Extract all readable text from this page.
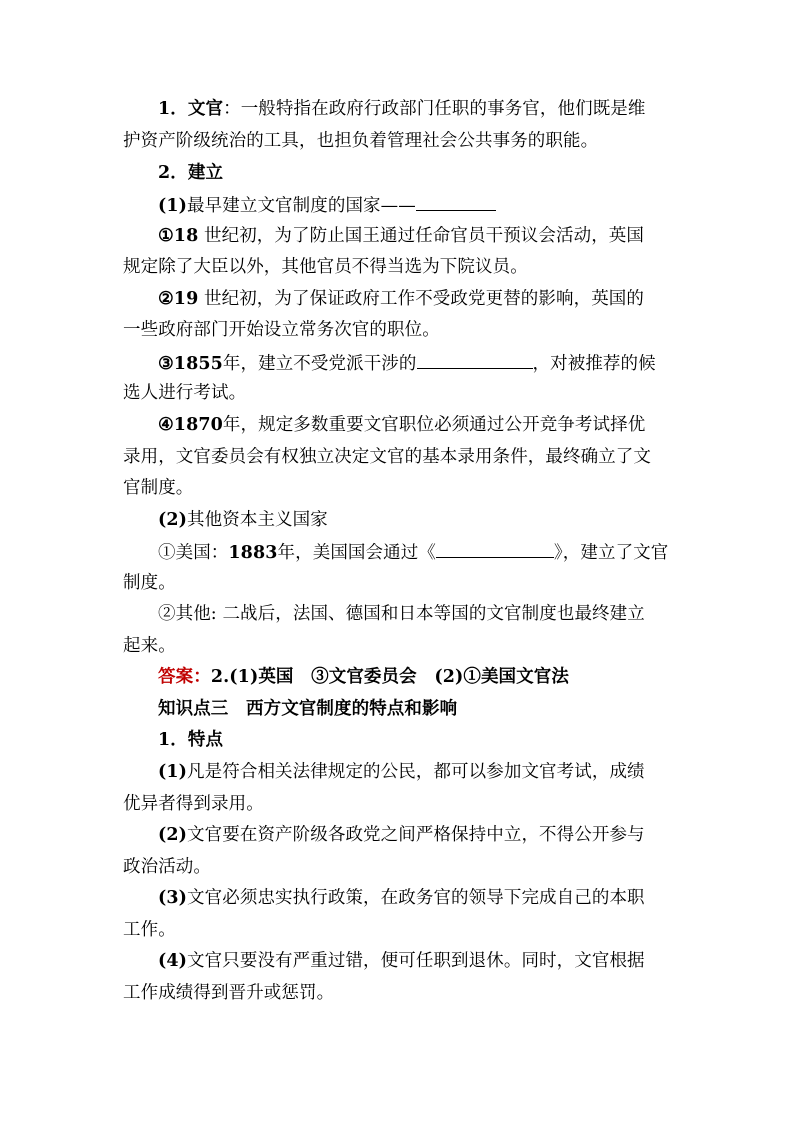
1．文官：一般特指在政府行政部门任职的事务官，他们既是维
护资产阶级统治的工具，也担负着管理社会公共事务的职能。
2．建立
(1)最早建立文官制度的国家——
①18 世纪初，为了防止国王通过任命官员干预议会活动，英国
规定除了大臣以外，其他官员不得当选为下院议员。
②19 世纪初，为了保证政府工作不受政党更替的影响，英国的
一些政府部门开始设立常务次官的职位。
③1855年，建立不受党派干涉的	，对被推荐的候
选人进行考试。
④1870年，规定多数重要文官职位必须通过公开竞争考试择优
录用，文官委员会有权独立决定文官的基本录用条件，最终确立了文
官制度。
(2)其他资本主义国家
①美国：1883年，美国国会通过《	》，建立了文官
制度。
②其他: 二战后，法国、德国和日本等国的文官制度也最终建立
起来。
答案：2.(1)英国　③文官委员会　(2)①美国文官法
知识点三　西方文官制度的特点和影响
1．特点
(1)凡是符合相关法律规定的公民，都可以参加文官考试，成绩
优异者得到录用。
(2)文官要在资产阶级各政党之间严格保持中立，不得公开参与
政治活动。
(3)文官必须忠实执行政策，在政务官的领导下完成自己的本职
工作。
(4)文官只要没有严重过错，便可任职到退休。同时，文官根据
工作成绩得到晋升或惩罚。
